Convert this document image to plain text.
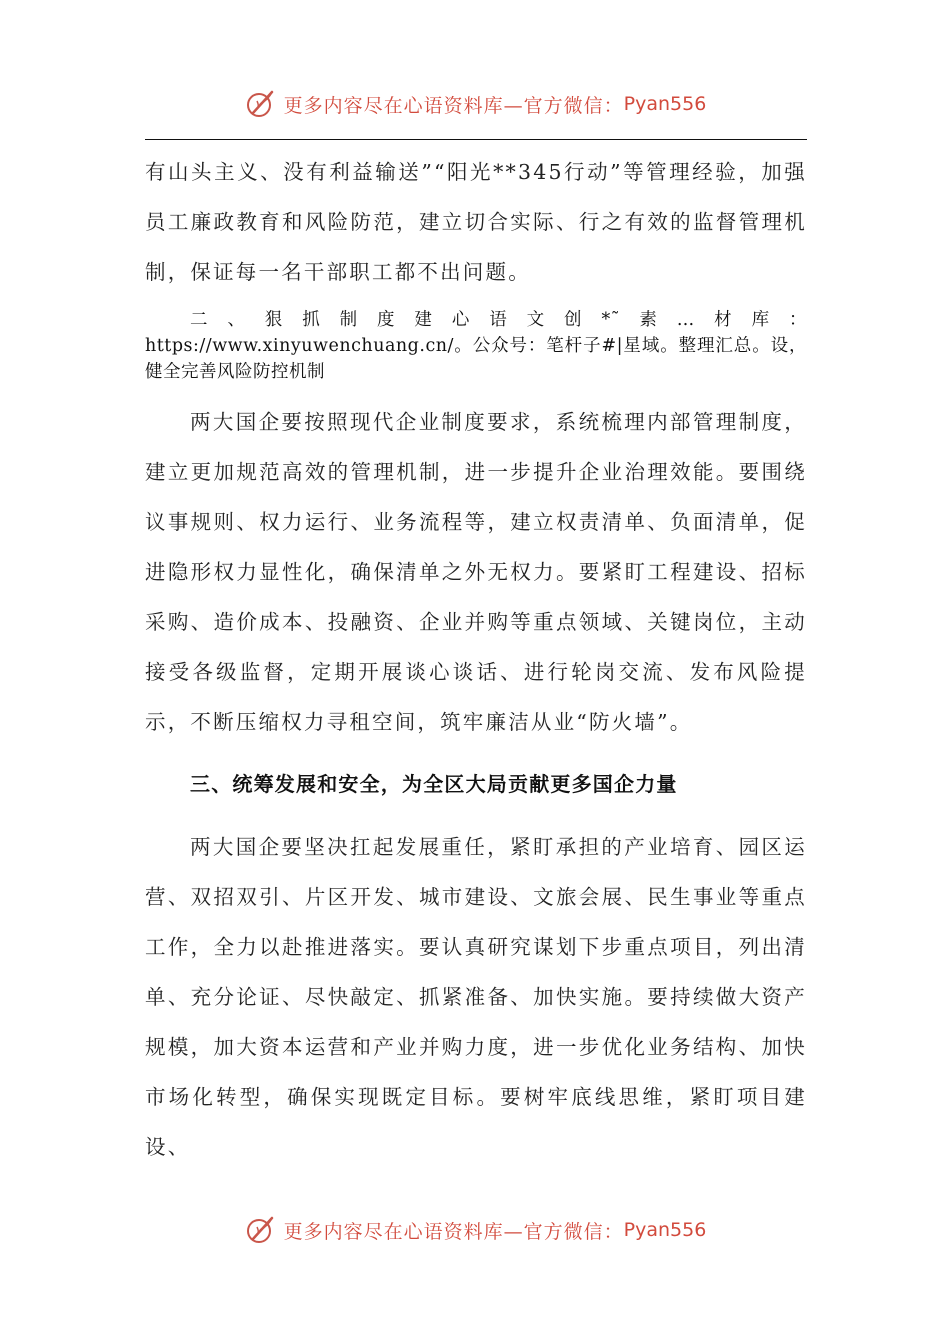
更多内容尽在心语资料库—官方微信： Pyan556

有山头主义、没有利益输送”“阳光**345行动”等管理经验，加强员工廉政教育和风险防范，建立切合实际、行之有效的监督管理机制，保证每一名干部职工都不出问题。

二、狠抓制度建心语文创*˜素…材库：https://www.xinyuwenchuang.cn/。公众号：笔杆子#|星域。整理汇总。设，健全完善风险防控机制

两大国企要按照现代企业制度要求，系统梳理内部管理制度，建立更加规范高效的管理机制，进一步提升企业治理效能。要围绕议事规则、权力运行、业务流程等，建立权责清单、负面清单，促进隐形权力显性化，确保清单之外无权力。要紧盯工程建设、招标采购、造价成本、投融资、企业并购等重点领域、关键岗位，主动接受各级监督，定期开展谈心谈话、进行轮岗交流、发布风险提示，不断压缩权力寻租空间，筑牢廉洁从业“防火墙”。

三、统筹发展和安全，为全区大局贡献更多国企力量

两大国企要坚决扛起发展重任，紧盯承担的产业培育、园区运营、双招双引、片区开发、城市建设、文旅会展、民生事业等重点工作，全力以赴推进落实。要认真研究谋划下步重点项目，列出清单、充分论证、尽快敲定、抓紧准备、加快实施。要持续做大资产规模，加大资本运营和产业并购力度，进一步优化业务结构、加快市场化转型，确保实现既定目标。要树牢底线思维，紧盯项目建设、

更多内容尽在心语资料库—官方微信： Pyan556
